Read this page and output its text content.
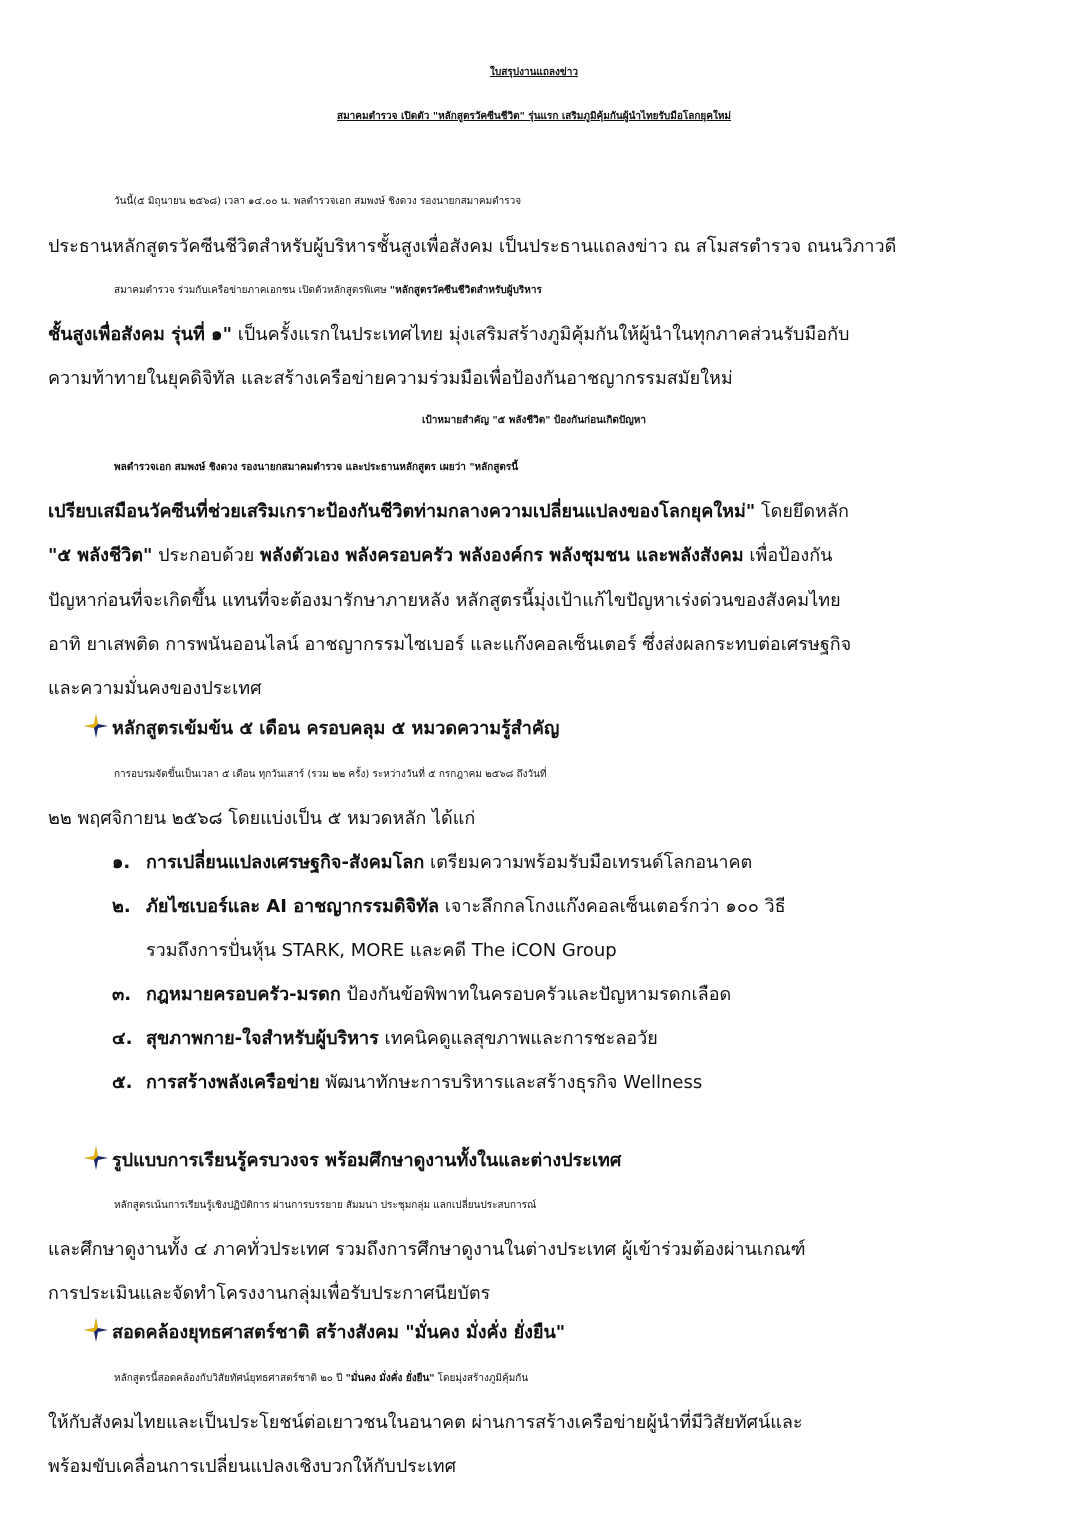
ใบสรุปงานแถลงข่าว
สมาคมตำรวจ เปิดตัว "หลักสูตรวัคซีนชีวิต" รุ่นแรก เสริมภูมิคุ้มกันผู้นำไทยรับมือโลกยุคใหม่
วันนี้(๕ มิถุนายน ๒๕๖๘) เวลา ๑๔.๐๐ น. พลตำรวจเอก สมพงษ์ ชิงดวง รองนายกสมาคมตำรวจ
ประธานหลักสูตรวัคซีนชีวิตสำหรับผู้บริหารชั้นสูงเพื่อสังคม เป็นประธานแถลงข่าว ณ สโมสรตำรวจ ถนนวิภาวดี
สมาคมตำรวจ ร่วมกับเครือข่ายภาคเอกชน เปิดตัวหลักสูตรพิเศษ "หลักสูตรวัคซีนชีวิตสำหรับผู้บริหาร
ชั้นสูงเพื่อสังคม รุ่นที่ ๑" เป็นครั้งแรกในประเทศไทย มุ่งเสริมสร้างภูมิคุ้มกันให้ผู้นำในทุกภาคส่วนรับมือกับ
ความท้าทายในยุคดิจิทัล และสร้างเครือข่ายความร่วมมือเพื่อป้องกันอาชญากรรมสมัยใหม่
เป้าหมายสำคัญ "๕ พลังชีวิต" ป้องกันก่อนเกิดปัญหา
พลตำรวจเอก สมพงษ์ ชิงดวง รองนายกสมาคมตำรวจ และประธานหลักสูตร เผยว่า "หลักสูตรนี้
เปรียบเสมือนวัคซีนที่ช่วยเสริมเกราะป้องกันชีวิตท่ามกลางความเปลี่ยนแปลงของโลกยุคใหม่" โดยยึดหลัก
"๕ พลังชีวิต" ประกอบด้วย พลังตัวเอง พลังครอบครัว พลังองค์กร พลังชุมชน และพลังสังคม เพื่อป้องกัน
ปัญหาก่อนที่จะเกิดขึ้น แทนที่จะต้องมารักษาภายหลัง หลักสูตรนี้มุ่งเป้าแก้ไขปัญหาเร่งด่วนของสังคมไทย
อาทิ ยาเสพติด การพนันออนไลน์ อาชญากรรมไซเบอร์ และแก๊งคอลเซ็นเตอร์ ซึ่งส่งผลกระทบต่อเศรษฐกิจ
และความมั่นคงของประเทศ
หลักสูตรเข้มข้น ๕ เดือน ครอบคลุม ๕ หมวดความรู้สำคัญ
การอบรมจัดขึ้นเป็นเวลา ๕ เดือน ทุกวันเสาร์ (รวม ๒๒ ครั้ง) ระหว่างวันที่ ๕ กรกฎาคม ๒๕๖๘ ถึงวันที่
๒๒ พฤศจิกายน ๒๕๖๘ โดยแบ่งเป็น ๕ หมวดหลัก ได้แก่
๑. การเปลี่ยนแปลงเศรษฐกิจ-สังคมโลก เตรียมความพร้อมรับมือเทรนด์โลกอนาคต
๒. ภัยไซเบอร์และ AI อาชญากรรมดิจิทัล เจาะลึกกลโกงแก๊งคอลเซ็นเตอร์กว่า ๑๐๐ วิธี
รวมถึงการปั่นหุ้น STARK, MORE และคดี The iCON Group
๓. กฎหมายครอบครัว-มรดก ป้องกันข้อพิพาทในครอบครัวและปัญหามรดกเลือด
๔. สุขภาพกาย-ใจสำหรับผู้บริหาร เทคนิคดูแลสุขภาพและการชะลอวัย
๕. การสร้างพลังเครือข่าย พัฒนาทักษะการบริหารและสร้างธุรกิจ Wellness
รูปแบบการเรียนรู้ครบวงจร พร้อมศึกษาดูงานทั้งในและต่างประเทศ
หลักสูตรเน้นการเรียนรู้เชิงปฏิบัติการ ผ่านการบรรยาย สัมมนา ประชุมกลุ่ม แลกเปลี่ยนประสบการณ์
และศึกษาดูงานทั้ง ๔ ภาคทั่วประเทศ รวมถึงการศึกษาดูงานในต่างประเทศ ผู้เข้าร่วมต้องผ่านเกณฑ์
การประเมินและจัดทำโครงงานกลุ่มเพื่อรับประกาศนียบัตร
สอดคล้องยุทธศาสตร์ชาติ สร้างสังคม "มั่นคง มั่งคั่ง ยั่งยืน"
หลักสูตรนี้สอดคล้องกับวิสัยทัศน์ยุทธศาสตร์ชาติ ๒๐ ปี "มั่นคง มั่งคั่ง ยั่งยืน" โดยมุ่งสร้างภูมิคุ้มกัน
ให้กับสังคมไทยและเป็นประโยชน์ต่อเยาวชนในอนาคต ผ่านการสร้างเครือข่ายผู้นำที่มีวิสัยทัศน์และ
พร้อมขับเคลื่อนการเปลี่ยนแปลงเชิงบวกให้กับประเทศ
